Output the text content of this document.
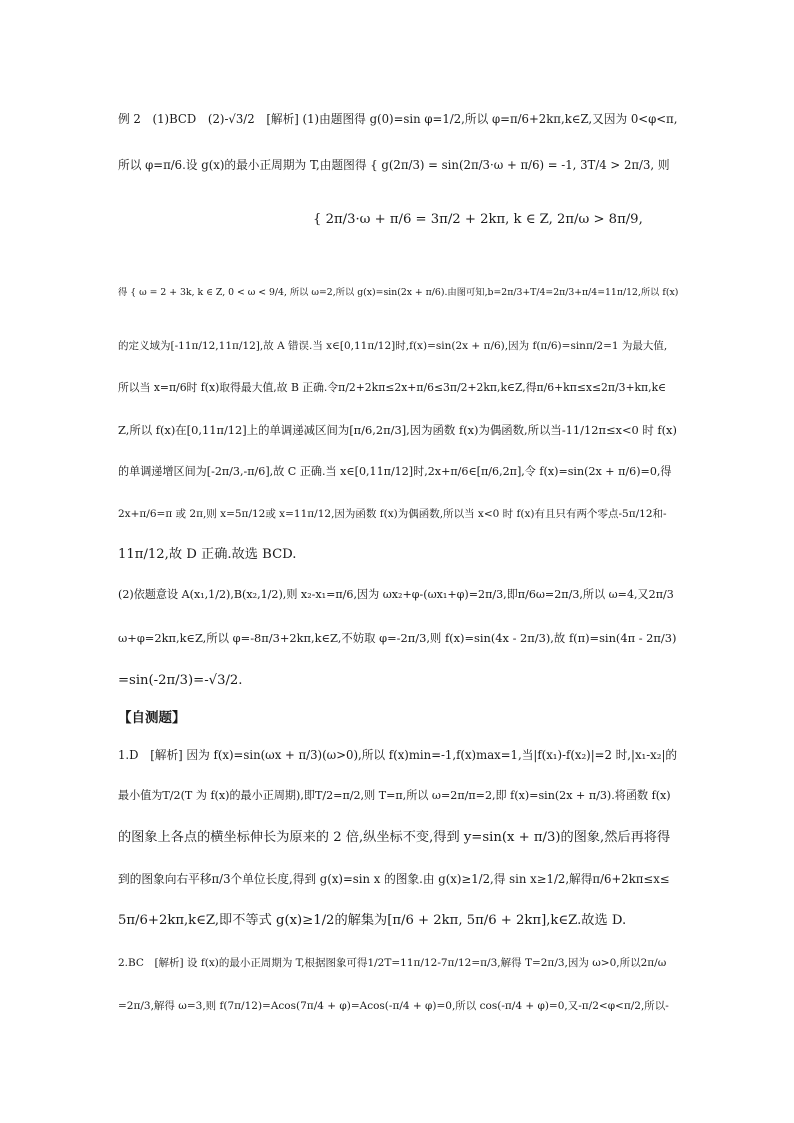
例 2　(1)BCD　(2)-√3/2　[解析] (1)由题图得 g(0)=sin φ=1/2,所以 φ=π/6+2kπ,k∈Z,又因为 0<φ<π,
所以 φ=π/6.设 g(x)的最小正周期为 T,由题图得 { g(2π/3) = sin(2π/3·ω + π/6) = -1, 3T/4 > 2π/3, 则
{ 2π/3·ω + π/6 = 3π/2 + 2kπ, k ∈ Z, 2π/ω > 8π/9,
得 { ω = 2 + 3k, k ∈ Z, 0 < ω < 9/4, 所以 ω=2,所以 g(x)=sin(2x + π/6).由图可知,b=2π/3+T/4=2π/3+π/4=11π/12,所以 f(x)
的定义域为[-11π/12,11π/12],故 A 错误.当 x∈[0,11π/12]时,f(x)=sin(2x + π/6),因为 f(π/6)=sinπ/2=1 为最大值,
所以当 x=π/6时 f(x)取得最大值,故 B 正确.令π/2+2kπ≤2x+π/6≤3π/2+2kπ,k∈Z,得π/6+kπ≤x≤2π/3+kπ,k∈
Z,所以 f(x)在[0,11π/12]上的单调递减区间为[π/6,2π/3],因为函数 f(x)为偶函数,所以当-11/12π≤x<0 时 f(x)
的单调递增区间为[-2π/3,-π/6],故 C 正确.当 x∈[0,11π/12]时,2x+π/6∈[π/6,2π],令 f(x)=sin(2x + π/6)=0,得
2x+π/6=π 或 2π,则 x=5π/12或 x=11π/12,因为函数 f(x)为偶函数,所以当 x<0 时 f(x)有且只有两个零点-5π/12和-
11π/12,故 D 正确.故选 BCD.
(2)依题意设 A(x₁,1/2),B(x₂,1/2),则 x₂-x₁=π/6,因为 ωx₂+φ-(ωx₁+φ)=2π/3,即π/6ω=2π/3,所以 ω=4,又2π/3
ω+φ=2kπ,k∈Z,所以 φ=-8π/3+2kπ,k∈Z,不妨取 φ=-2π/3,则 f(x)=sin(4x - 2π/3),故 f(π)=sin(4π - 2π/3)
=sin(-2π/3)=-√3/2.
【自测题】
1.D　[解析] 因为 f(x)=sin(ωx + π/3)(ω>0),所以 f(x)min=-1,f(x)max=1,当|f(x₁)-f(x₂)|=2 时,|x₁-x₂|的
最小值为T/2(T 为 f(x)的最小正周期),即T/2=π/2,则 T=π,所以 ω=2π/π=2,即 f(x)=sin(2x + π/3).将函数 f(x)
的图象上各点的横坐标伸长为原来的 2 倍,纵坐标不变,得到 y=sin(x + π/3)的图象,然后再将得
到的图象向右平移π/3个单位长度,得到 g(x)=sin x 的图象.由 g(x)≥1/2,得 sin x≥1/2,解得π/6+2kπ≤x≤
5π/6+2kπ,k∈Z,即不等式 g(x)≥1/2的解集为[π/6 + 2kπ, 5π/6 + 2kπ],k∈Z.故选 D.
2.BC　[解析] 设 f(x)的最小正周期为 T,根据图象可得1/2T=11π/12-7π/12=π/3,解得 T=2π/3,因为 ω>0,所以2π/ω
=2π/3,解得 ω=3,则 f(7π/12)=Acos(7π/4 + φ)=Acos(-π/4 + φ)=0,所以 cos(-π/4 + φ)=0,又-π/2<φ<π/2,所以-
